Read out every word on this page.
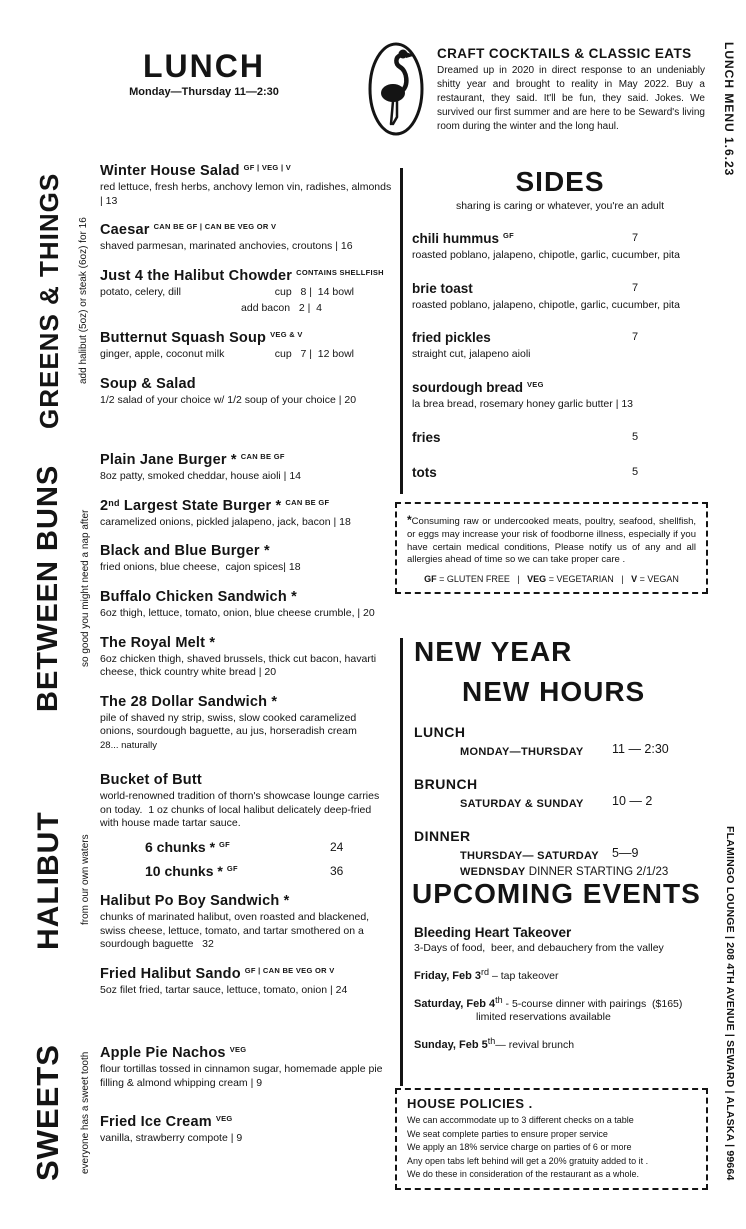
LUNCH
Monday—Thursday 11—2:30
CRAFT COCKTAILS & CLASSIC EATS
Dreamed up in 2020 in direct response to an undeniably shitty year and brought to reality in May 2022. Buy a restaurant, they said. It'll be fun, they said. Jokes. We survived our first summer and are here to be Seward's living room during the winter and the long haul.	LUNCH MENU 1.6.23
FLAMINGO LOUNGE | 208 4TH AVENUE | SEWARD | ALASKA | 99664
GREENS & THINGS add halibut (5oz) or steak (6oz) for 16
BETWEEN BUNS so good you might need a nap after
HALIBUT from our own waters
SWEETS everyone has a sweet tooth
Winter House Salad $^{GF | VEG | V}$
red lettuce, fresh herbs, anchovy lemon vin, radishes, almonds | 13
Caesar $^{CAN BE GF | CAN BE VEG OR V}$
shaved parmesan, marinated anchovies, croutons | 16
Just 4 the Halibut Chowder $^{CONTAINS SHELLFISH}$
potato, celery, dill	cup   8 |  14 bowl
add bacon   2 |  4
Butternut Squash Soup $^{VEG \& V}$
ginger, apple, coconut milk	cup   7 |  12 bowl
Soup & Salad
1/2 salad of your choice w/ 1/2 soup of your choice | 20
Plain Jane Burger * $^{CAN BE GF}$
8oz patty, smoked cheddar, house aioli | 14
2nd Largest State Burger * $^{CAN BE GF}$
caramelized onions, pickled jalapeno, jack, bacon | 18
Black and Blue Burger *
fried onions, blue cheese,  cajon spices| 18
Buffalo Chicken Sandwich *
6oz thigh, lettuce, tomato, onion, blue cheese crumble, | 20
The Royal Melt *
6oz chicken thigh, shaved brussels, thick cut bacon, havarti cheese, thick country white bread | 20
The 28 Dollar Sandwich *
pile of shaved ny strip, swiss, slow cooked caramelized onions, sourdough baguette, au jus, horseradish cream
28... naturally
Bucket of Butt
world-renowned tradition of thorn's showcase lounge carries on today.  1 oz chunks of local halibut delicately deep-fried with house made tartar sauce.
6 chunks * $^{GF}$	24
10 chunks * $^{GF}$	36
Halibut Po Boy Sandwich *
chunks of marinated halibut, oven roasted and blackened, swiss cheese, lettuce, tomato, and tartar smothered on a sourdough baguette   32
Fried Halibut Sando $^{GF | CAN BE VEG OR V}$
5oz filet fried, tartar sauce, lettuce, tomato, onion | 24
Apple Pie Nachos $^{VEG}$
flour tortillas tossed in cinnamon sugar, homemade apple pie filling & almond whipping cream | 9
Fried Ice Cream $^{VEG}$
vanilla, strawberry compote | 9
SIDES
sharing is caring or whatever, you're an adult
chili hummus $^{GF}$	7
roasted poblano, jalapeno, chipotle, garlic, cucumber, pita
brie toast	7
roasted poblano, jalapeno, chipotle, garlic, cucumber, pita
fried pickles	7
straight cut, jalapeno aioli
sourdough bread $^{VEG}$
la brea bread, rosemary honey garlic butter | 13
fries	5
tots	5
*Consuming raw or undercooked meats, poultry, seafood, shellfish, or eggs may increase your risk of foodborne illness, especially if you have certain medical conditions, Please notify us of any and all allergies ahead of time so we can take proper care .
GF = GLUTEN FREE   |   VEG = VEGETARIAN   |   V = VEGAN
NEW YEAR
NEW HOURS
LUNCH
MONDAY—THURSDAY 11 — 2:30
BRUNCH
SATURDAY & SUNDAY 10 — 2
DINNER
THURSDAY— SATURDAY 5—9
WEDNSDAY DINNER STARTING 2/1/23
UPCOMING EVENTS
Bleeding Heart Takeover
3-Days of food,  beer, and debauchery from the valley
Friday, Feb 3rd – tap takeover
Saturday, Feb 4th - 5-course dinner with pairings  ($165)
limited reservations available
Sunday, Feb 5th— revival brunch
HOUSE POLICIES .
We can accommodate up to 3 different checks on a table
We seat complete parties to ensure proper service
We apply an 18% service charge on parties of 6 or more
Any open tabs left behind will get a 20% gratuity added to it .
We do these in consideration of the restaurant as a whole.
